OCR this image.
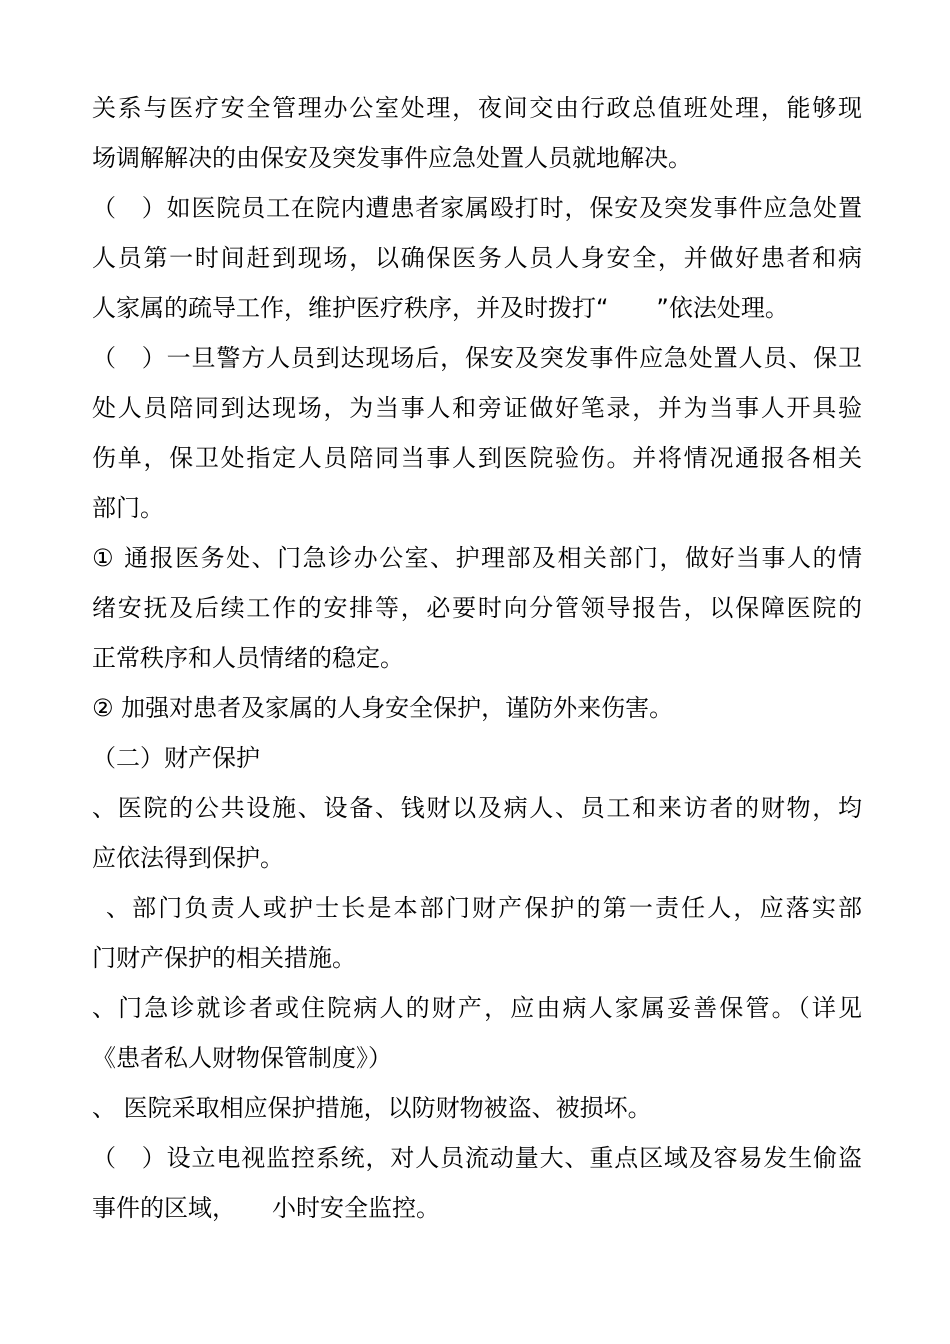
关系与医疗安全管理办公室处理，夜间交由行政总值班处理，能够现
场调解解决的由保安及突发事件应急处置人员就地解决。
（　）如医院员工在院内遭患者家属殴打时，保安及突发事件应急处置
人员第一时间赶到现场，以确保医务人员人身安全，并做好患者和病
人家属的疏导工作，维护医疗秩序，并及时拨打“　　”依法处理。
（　）一旦警方人员到达现场后，保安及突发事件应急处置人员、保卫
处人员陪同到达现场，为当事人和旁证做好笔录，并为当事人开具验
伤单，保卫处指定人员陪同当事人到医院验伤。并将情况通报各相关
部门。
① 通报医务处、门急诊办公室、护理部及相关部门，做好当事人的情
绪安抚及后续工作的安排等，必要时向分管领导报告，以保障医院的
正常秩序和人员情绪的稳定。
② 加强对患者及家属的人身安全保护，谨防外来伤害。
（二）财产保护
、医院的公共设施、设备、钱财以及病人、员工和来访者的财物，均
应依法得到保护。
、部门负责人或护士长是本部门财产保护的第一责任人，应落实部
门财产保护的相关措施。
、门急诊就诊者或住院病人的财产，应由病人家属妥善保管。（详见
《患者私人财物保管制度》）
、 医院采取相应保护措施，以防财物被盗、被损坏。
（　）设立电视监控系统，对人员流动量大、重点区域及容易发生偷盗
事件的区域，　　小时安全监控。
